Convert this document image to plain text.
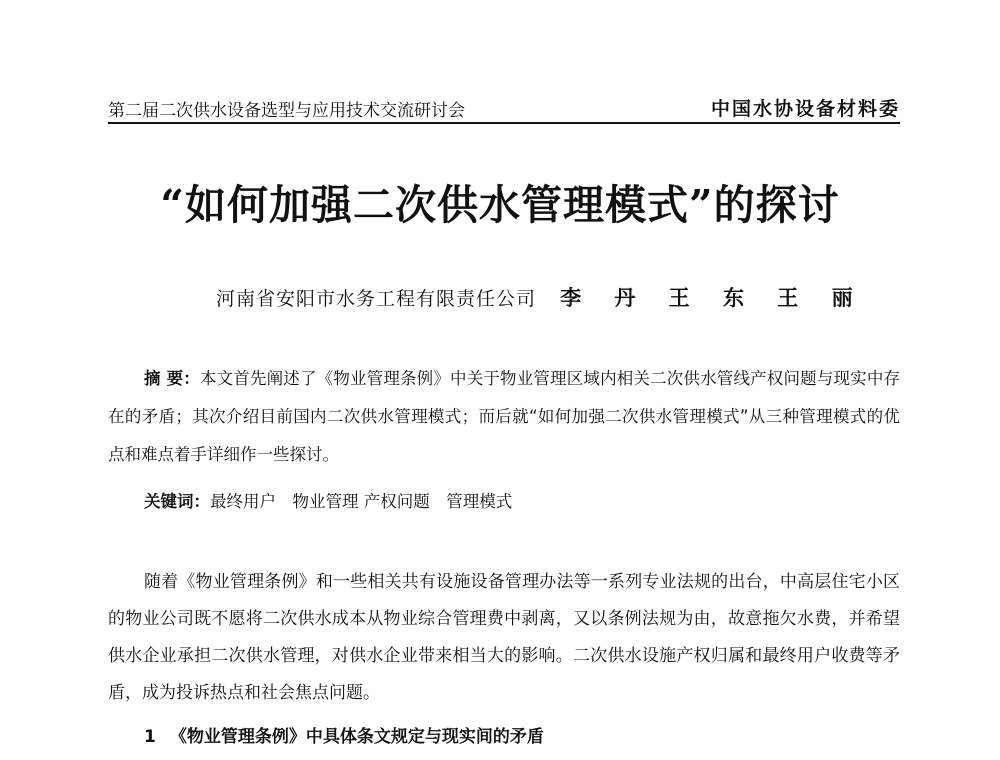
第二届二次供水设备选型与应用技术交流研讨会	中国水协设备材料委
“如何加强二次供水管理模式”的探讨
河南省安阳市水务工程有限责任公司 李 丹 王 东 王 丽
摘 要：本文首先阐述了《物业管理条例》中关于物业管理区域内相关二次供水管线产权问题与现实中存在的矛盾；其次介绍目前国内二次供水管理模式；而后就“如何加强二次供水管理模式”从三种管理模式的优点和难点着手详细作一些探讨。
关键词：最终用户　物业管理 产权问题　管理模式
随着《物业管理条例》和一些相关共有设施设备管理办法等一系列专业法规的出台，中高层住宅小区的物业公司既不愿将二次供水成本从物业综合管理费中剥离，又以条例法规为由，故意拖欠水费，并希望供水企业承担二次供水管理，对供水企业带来相当大的影响。二次供水设施产权归属和最终用户收费等矛盾，成为投诉热点和社会焦点问题。
1 《物业管理条例》中具体条文规定与现实间的矛盾
